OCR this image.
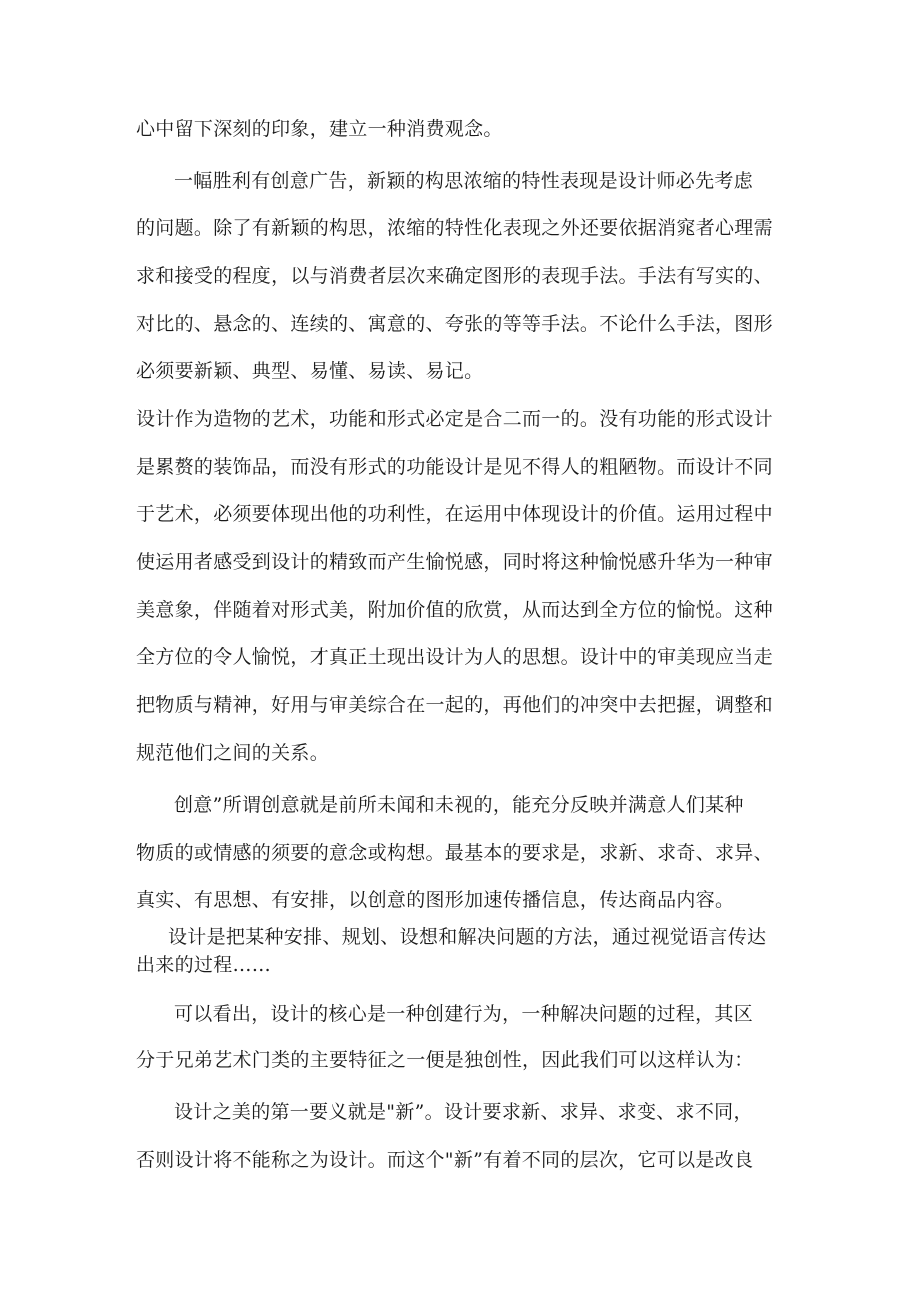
心中留下深刻的印象，建立一种消费观念。
一幅胜利有创意广告，新颖的构思浓缩的特性表现是设计师必先考虑
的问题。除了有新颖的构思，浓缩的特性化表现之外还要依据消窕者心理需
求和接受的程度，以与消费者层次来确定图形的表现手法。手法有写实的、
对比的、悬念的、连续的、寓意的、夸张的等等手法。不论什么手法，图形
必须要新颖、典型、易懂、易读、易记。
设计作为造物的艺术，功能和形式必定是合二而一的。没有功能的形式设计
是累赘的装饰品，而没有形式的功能设计是见不得人的粗陋物。而设计不同
于艺术，必须要体现出他的功利性，在运用中体现设计的价值。运用过程中
使运用者感受到设计的精致而产生愉悦感，同时将这种愉悦感升华为一种审
美意象，伴随着对形式美，附加价值的欣赏，从而达到全方位的愉悦。这种
全方位的令人愉悦，才真正土现出设计为人的思想。设计中的审美现应当走
把物质与精神，好用与审美综合在一起的，再他们的冲突中去把握，调整和
规范他们之间的关系。
创意”所谓创意就是前所未闻和未视的，能充分反映并满意人们某种
物质的或情感的须要的意念或构想。最基本的要求是，求新、求奇、求异、
真实、有思想、有安排，以创意的图形加速传播信息，传达商品内容。
设计是把某种安排、规划、设想和解决问题的方法，通过视觉语言传达
出来的过程……
可以看出，设计的核心是一种创建行为，一种解决问题的过程，其区
分于兄弟艺术门类的主要特征之一便是独创性，因此我们可以这样认为：
设计之美的第一要义就是"新”。设计要求新、求异、求变、求不同，
否则设计将不能称之为设计。而这个"新”有着不同的层次，它可以是改良
